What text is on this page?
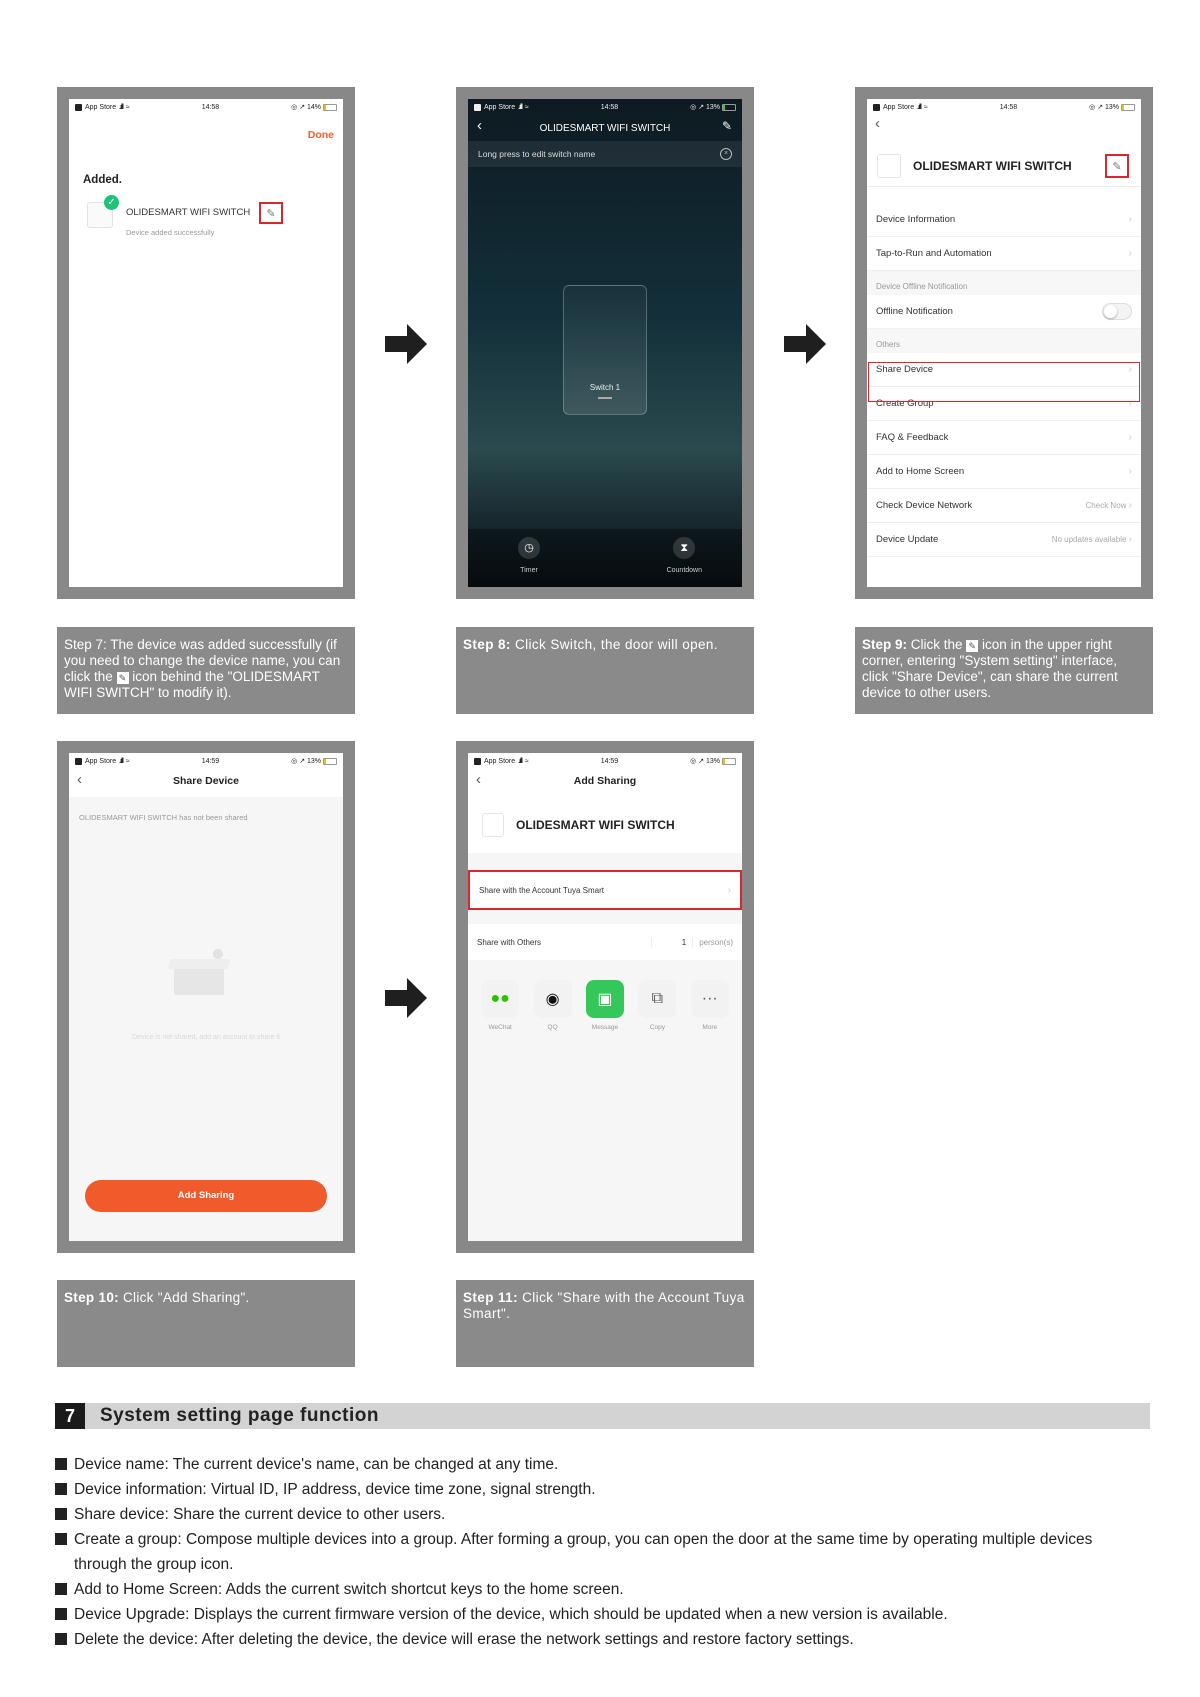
App Store .ıll ≈	14:58	◎ ↗ 14%
Done
Added.
✓
OLIDESMART WIFI SWITCH
Device added successfully
✎
App Store .ıll ≈	14:58	◎ ↗ 13%
‹	OLIDESMART WIFI SWITCH	✎
Long press to edit switch name	×
Switch 1
◷
Timer
⧗
Countdown
App Store .ıll ≈	14:58	◎ ↗ 13%
‹
OLIDESMART WIFI SWITCH	✎
Device Information	›
Tap-to-Run and Automation	›
Device Offline Notification
Offline Notification
Others
Share Device	›
Create Group	›
FAQ & Feedback	›
Add to Home Screen	›
Check Device Network	Check Now ›
Device Update	No updates available ›
Step 7: The device was added successfully (if you need to change the device name, you can click the ✎ icon behind the "OLIDESMART WIFI SWITCH" to modify it).
Step 8: Click Switch, the door will open.	Step 9: Click the ✎ icon in the upper right corner, entering "System setting" interface, click "Share Device", can share the current device to other users.
App Store .ıll ≈	14:59	◎ ↗ 13%
‹	Share Device
OLIDESMART WIFI SWITCH has not been shared
Device is not shared, add an account to share it
Add Sharing
App Store .ıll ≈	14:59	◎ ↗ 13%
‹	Add Sharing
OLIDESMART WIFI SWITCH
Share with the Account Tuya Smart	›
Share with Others	1	person(s)
●●
WeChat
◉
QQ
▣
Message
⧉
Copy
···
More
Step 10: Click "Add Sharing".	Step 11: Click "Share with the Account Tuya Smart".
7	System setting page function
Device name: The current device's name, can be changed at any time.
Device information: Virtual ID, IP address, device time zone, signal strength.
Share device: Share the current device to other users.
Create a group: Compose multiple devices into a group. After forming a group, you can open the door at the same time by operating multiple devices through the group icon.
Add to Home Screen: Adds the current switch shortcut keys to the home screen.
Device Upgrade: Displays the current firmware version of the device, which should be updated when a new version is available.
Delete the device: After deleting the device, the device will erase the network settings and restore factory settings.
